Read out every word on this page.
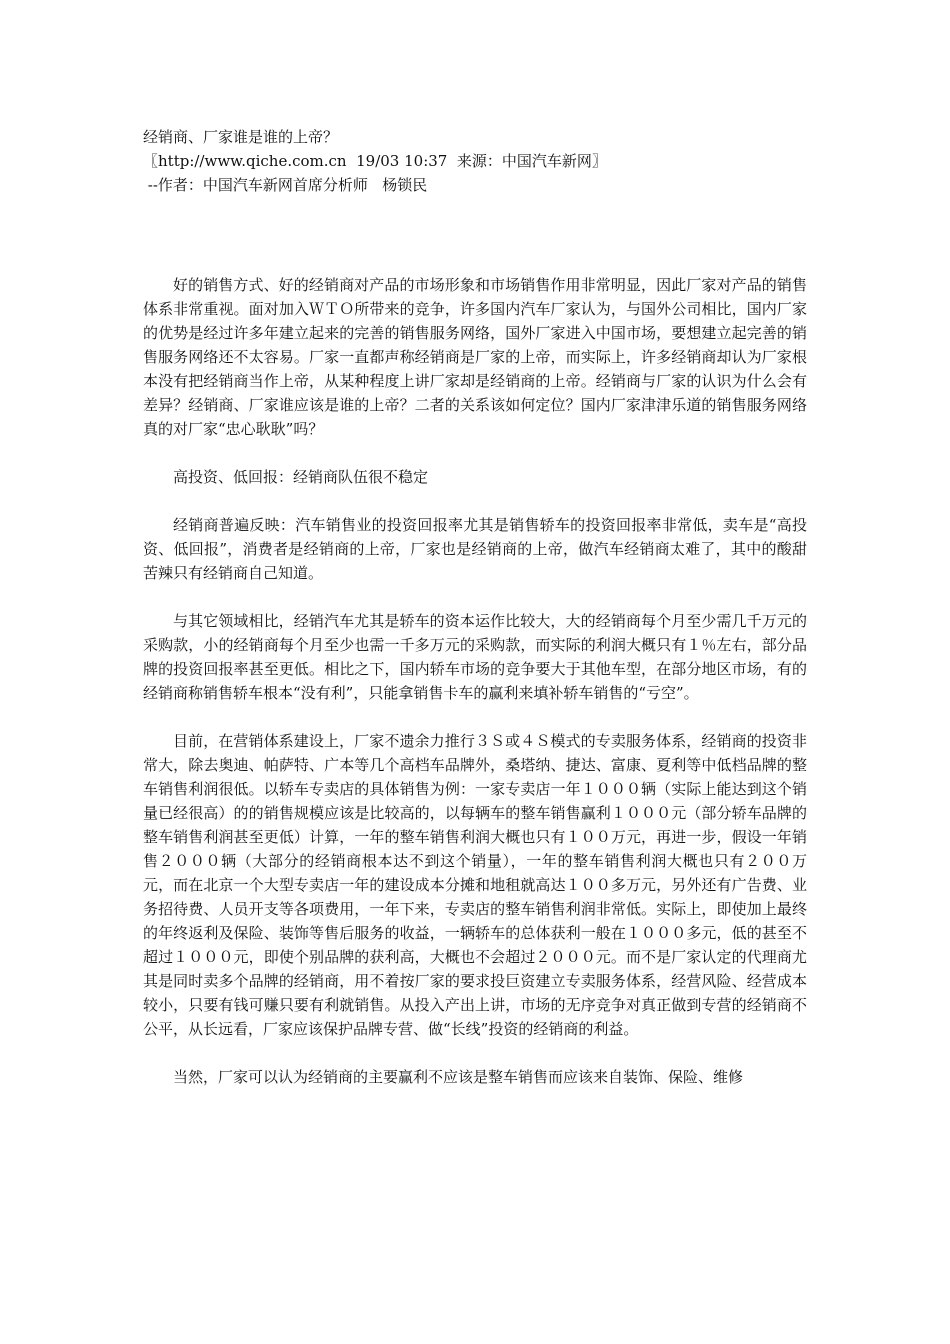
经销商、厂家谁是谁的上帝？

〖http://www.qiche.com.cn  19/03 10:37  来源：中国汽车新网〗

--作者：中国汽车新网首席分析师   杨锁民

好的销售方式、好的经销商对产品的市场形象和市场销售作用非常明显，因此厂家对产品的销售体系非常重视。面对加入ＷＴＯ所带来的竞争，许多国内汽车厂家认为，与国外公司相比，国内厂家的优势是经过许多年建立起来的完善的销售服务网络，国外厂家进入中国市场，要想建立起完善的销售服务网络还不太容易。厂家一直都声称经销商是厂家的上帝，而实际上，许多经销商却认为厂家根本没有把经销商当作上帝，从某种程度上讲厂家却是经销商的上帝。经销商与厂家的认识为什么会有差异？经销商、厂家谁应该是谁的上帝？二者的关系该如何定位？国内厂家津津乐道的销售服务网络真的对厂家“忠心耿耿”吗？

高投资、低回报：经销商队伍很不稳定

经销商普遍反映：汽车销售业的投资回报率尤其是销售轿车的投资回报率非常低，卖车是“高投资、低回报”，消费者是经销商的上帝，厂家也是经销商的上帝，做汽车经销商太难了，其中的酸甜苦辣只有经销商自己知道。

与其它领域相比，经销汽车尤其是轿车的资本运作比较大，大的经销商每个月至少需几千万元的采购款，小的经销商每个月至少也需一千多万元的采购款，而实际的利润大概只有１％左右，部分品牌的投资回报率甚至更低。相比之下，国内轿车市场的竞争要大于其他车型，在部分地区市场，有的经销商称销售轿车根本“没有利”，只能拿销售卡车的赢利来填补轿车销售的“亏空”。

目前，在营销体系建设上，厂家不遗余力推行３Ｓ或４Ｓ模式的专卖服务体系，经销商的投资非常大，除去奥迪、帕萨特、广本等几个高档车品牌外，桑塔纳、捷达、富康、夏利等中低档品牌的整车销售利润很低。以轿车专卖店的具体销售为例：一家专卖店一年１０００辆（实际上能达到这个销量已经很高）的的销售规模应该是比较高的，以每辆车的整车销售赢利１０００元（部分轿车品牌的整车销售利润甚至更低）计算，一年的整车销售利润大概也只有１００万元，再进一步，假设一年销售２０００辆（大部分的经销商根本达不到这个销量），一年的整车销售利润大概也只有２００万元，而在北京一个大型专卖店一年的建设成本分摊和地租就高达１００多万元，另外还有广告费、业务招待费、人员开支等各项费用，一年下来，专卖店的整车销售利润非常低。实际上，即使加上最终的年终返利及保险、装饰等售后服务的收益，一辆轿车的总体获利一般在１０００多元，低的甚至不超过１０００元，即使个别品牌的获利高，大概也不会超过２０００元。而不是厂家认定的代理商尤其是同时卖多个品牌的经销商，用不着按厂家的要求投巨资建立专卖服务体系，经营风险、经营成本较小，只要有钱可赚只要有利就销售。从投入产出上讲，市场的无序竞争对真正做到专营的经销商不公平，从长远看，厂家应该保护品牌专营、做“长线”投资的经销商的利益。

当然，厂家可以认为经销商的主要赢利不应该是整车销售而应该来自装饰、保险、维修
